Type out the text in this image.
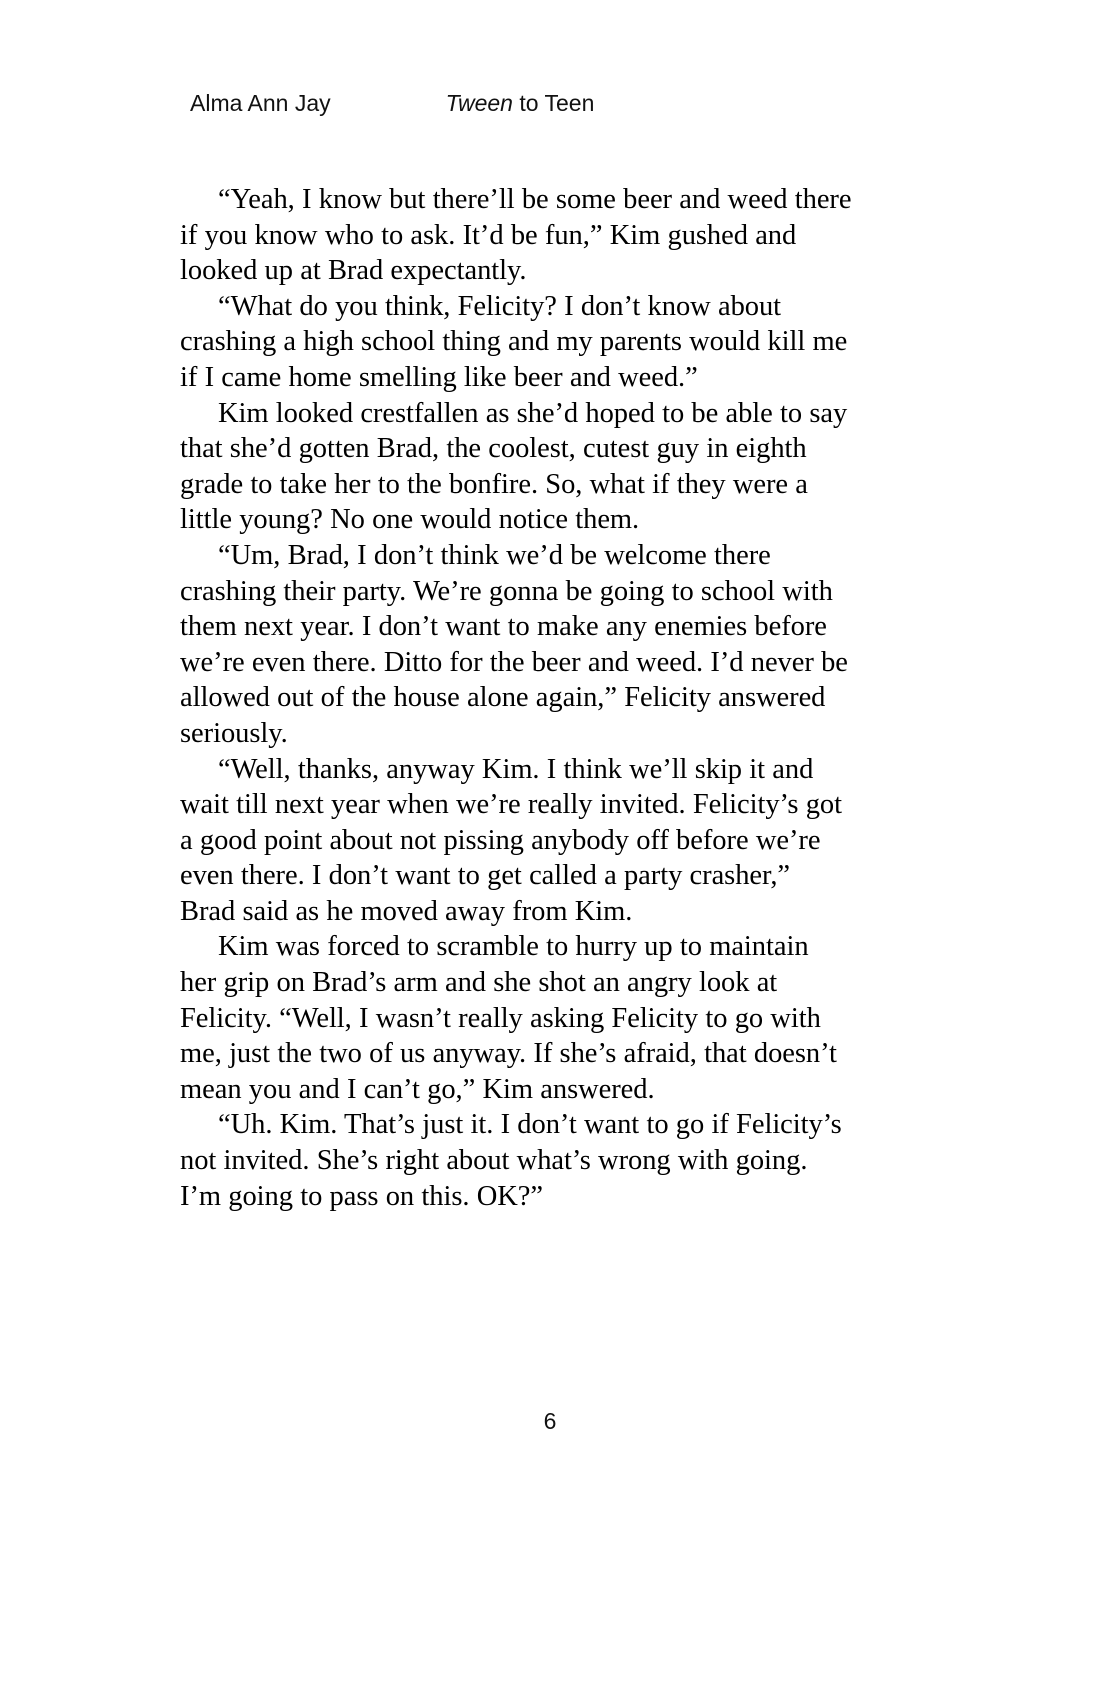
Alma Ann Jay	Tween to Teen

“Yeah, I know but there’ll be some beer and weed there if you know who to ask. It’d be fun,” Kim gushed and looked up at Brad expectantly.

“What do you think, Felicity? I don’t know about crashing a high school thing and my parents would kill me if I came home smelling like beer and weed.”

Kim looked crestfallen as she’d hoped to be able to say that she’d gotten Brad, the coolest, cutest guy in eighth grade to take her to the bonfire. So, what if they were a little young? No one would notice them.

“Um, Brad, I don’t think we’d be welcome there crashing their party. We’re gonna be going to school with them next year. I don’t want to make any enemies before we’re even there. Ditto for the beer and weed. I’d never be allowed out of the house alone again,” Felicity answered seriously.

“Well, thanks, anyway Kim. I think we’ll skip it and wait till next year when we’re really invited. Felicity’s got a good point about not pissing anybody off before we’re even there. I don’t want to get called a party crasher,” Brad said as he moved away from Kim.

Kim was forced to scramble to hurry up to maintain her grip on Brad’s arm and she shot an angry look at Felicity. “Well, I wasn’t really asking Felicity to go with me, just the two of us anyway. If she’s afraid, that doesn’t mean you and I can’t go,” Kim answered.

“Uh. Kim. That’s just it. I don’t want to go if Felicity’s not invited. She’s right about what’s wrong with going. I’m going to pass on this. OK?”

6
